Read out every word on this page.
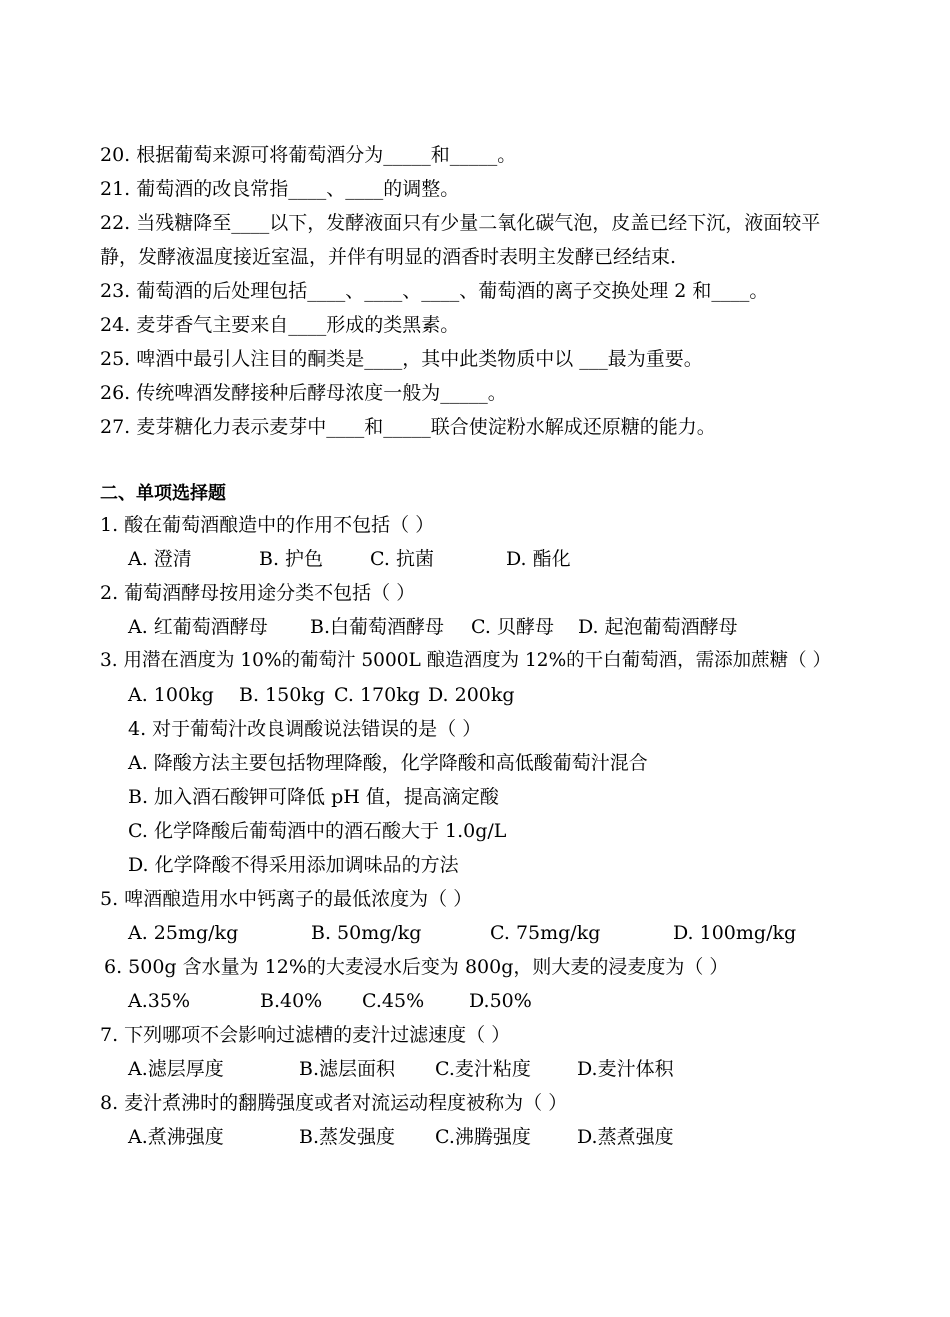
20. 根据葡萄来源可将葡萄酒分为_____和_____。
21. 葡萄酒的改良常指____、____的调整。
22. 当残糖降至____以下，发酵液面只有少量二氧化碳气泡，皮盖已经下沉，液面较平
静，发酵液温度接近室温，并伴有明显的酒香时表明主发酵已经结束.
23. 葡萄酒的后处理包括____、____、____、葡萄酒的离子交换处理 2 和____。
24. 麦芽香气主要来自____形成的类黑素。
25. 啤酒中最引人注目的酮类是____，其中此类物质中以 ___最为重要。
26. 传统啤酒发酵接种后酵母浓度一般为_____。
27. 麦芽糖化力表示麦芽中____和_____联合使淀粉水解成还原糖的能力。
二、单项选择题
1. 酸在葡萄酒酿造中的作用不包括（ ）
A. 澄清	B. 护色 C. 抗菌	D. 酯化
2. 葡萄酒酵母按用途分类不包括（ ）
A. 红葡萄酒酵母 B.白葡萄酒酵母 C. 贝酵母 D. 起泡葡萄酒酵母
3. 用潜在酒度为 10%的葡萄汁 5000L 酿造酒度为 12%的干白葡萄酒，需添加蔗糖（ ）
A. 100kg B. 150kg C. 170kg D. 200kg
4. 对于葡萄汁改良调酸说法错误的是（ ）
A. 降酸方法主要包括物理降酸，化学降酸和高低酸葡萄汁混合
B. 加入酒石酸钾可降低 pH 值，提高滴定酸
C. 化学降酸后葡萄酒中的酒石酸大于 1.0g/L
D. 化学降酸不得采用添加调味品的方法
5. 啤酒酿造用水中钙离子的最低浓度为（ ）
A. 25mg/kg	B. 50mg/kg	C. 75mg/kg	D. 100mg/kg
6. 500g 含水量为 12%的大麦浸水后变为 800g，则大麦的浸麦度为（ ）
A.35%	B.40% C.45% D.50%
7. 下列哪项不会影响过滤槽的麦汁过滤速度（ ）
A.滤层厚度	B.滤层面积 C.麦汁粘度 D.麦汁体积
8. 麦汁煮沸时的翻腾强度或者对流运动程度被称为（ ）
A.煮沸强度	B.蒸发强度 C.沸腾强度 D.蒸煮强度
